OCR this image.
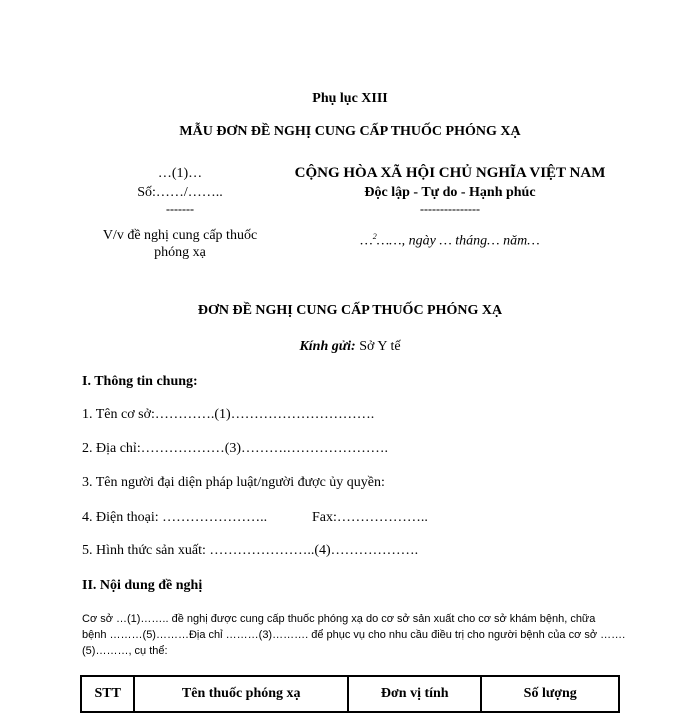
Phụ lục XIII
MẪU ĐƠN ĐỀ NGHỊ CUNG CẤP THUỐC PHÓNG XẠ
…(1)…
Số:……/……..
-------
V/v đề nghị cung cấp thuốc
phóng xạ
CỘNG HÒA XÃ HỘI CHỦ NGHĨA VIỆT NAM
Độc lập - Tự do - Hạnh phúc
---------------
…$^2$……, ngày … tháng… năm…
ĐƠN ĐỀ NGHỊ CUNG CẤP THUỐC PHÓNG XẠ
Kính gửi: Sở Y tế
I. Thông tin chung:
1. Tên cơ sở:………….(1)………………………….
2. Địa chỉ:………………(3)……….………………….
3. Tên người đại diện pháp luật/người được ủy quyền:
4. Điện thoại: …………………..	Fax:………………..
5. Hình thức sản xuất: …………………..(4)……………….
II. Nội dung đề nghị
Cơ sở …(1)…….. đề nghị được cung cấp thuốc phóng xạ do cơ sở sản xuất cho cơ sở khám bệnh, chữa
bệnh ………(5)………Địa chỉ ………(3)………. để phục vụ cho nhu cầu điều trị cho người bệnh của cơ sở …….
(5)………, cụ thể:
STT	Tên thuốc phóng xạ	Đơn vị tính	Số lượng
